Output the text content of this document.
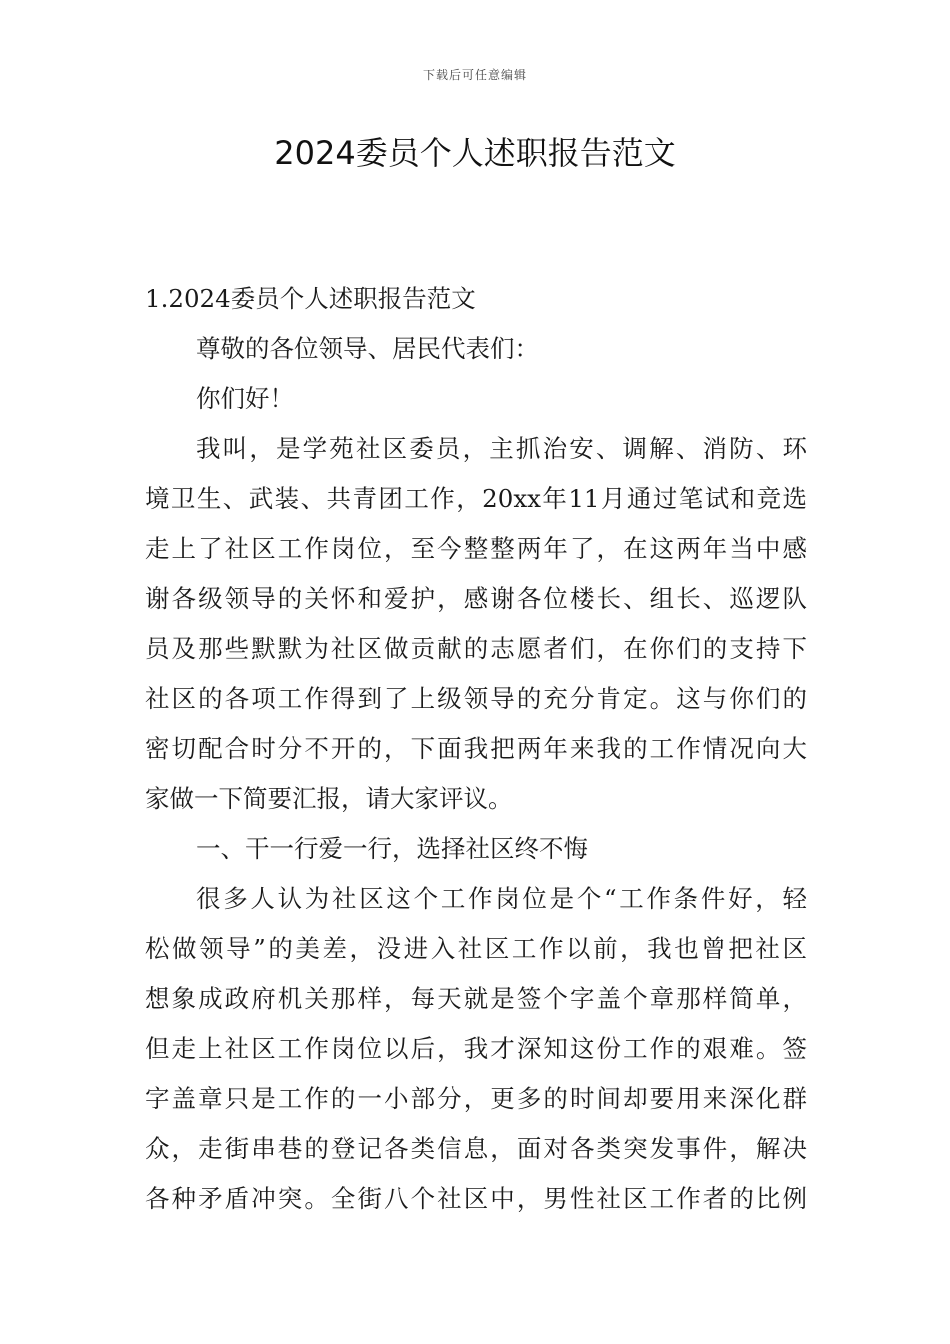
下载后可任意编辑
2024委员个人述职报告范文
1.2024委员个人述职报告范文
尊敬的各位领导、居民代表们：
你们好！
我叫，是学苑社区委员，主抓治安、调解、消防、环
境卫生、武装、共青团工作，20xx年11月通过笔试和竞选
走上了社区工作岗位，至今整整两年了，在这两年当中感
谢各级领导的关怀和爱护，感谢各位楼长、组长、巡逻队
员及那些默默为社区做贡献的志愿者们，在你们的支持下
社区的各项工作得到了上级领导的充分肯定。这与你们的
密切配合时分不开的，下面我把两年来我的工作情况向大
家做一下简要汇报，请大家评议。
一、干一行爱一行，选择社区终不悔
很多人认为社区这个工作岗位是个“工作条件好，轻
松做领导”的美差，没进入社区工作以前，我也曾把社区
想象成政府机关那样，每天就是签个字盖个章那样简单，
但走上社区工作岗位以后，我才深知这份工作的艰难。签
字盖章只是工作的一小部分，更多的时间却要用来深化群
众，走街串巷的登记各类信息，面对各类突发事件，解决
各种矛盾冲突。全街八个社区中，男性社区工作者的比例
